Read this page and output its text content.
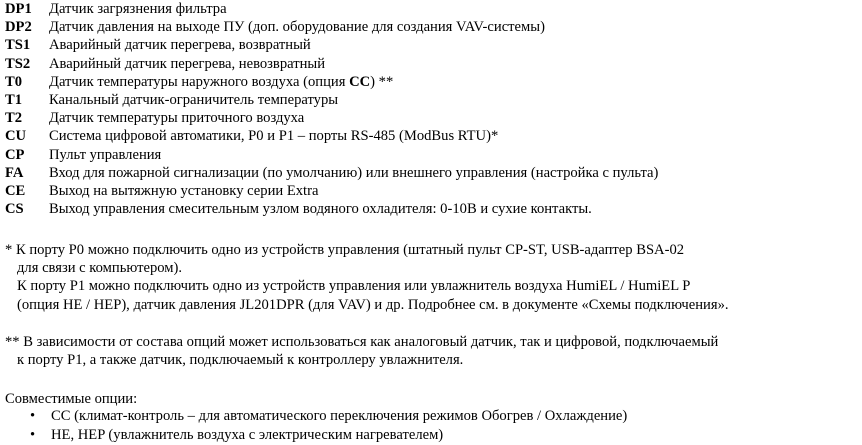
DP1 Датчик загрязнения фильтра
DP2 Датчик давления на выходе ПУ (доп. оборудование для создания VAV-системы)
TS1 Аварийный датчик перегрева, возвратный
TS2 Аварийный датчик перегрева, невозвратный
T0 Датчик температуры наружного воздуха (опция CC) **
T1 Канальный датчик-ограничитель температуры
T2 Датчик температуры приточного воздуха
CU Система цифровой автоматики, P0 и P1 – порты RS-485 (ModBus RTU)*
CP Пульт управления
FA Вход для пожарной сигнализации (по умолчанию) или внешнего управления (настройка с пульта)
CE Выход на вытяжную установку серии Extra
CS Выход управления смесительным узлом водяного охладителя: 0-10В и сухие контакты.
* К порту P0 можно подключить одно из устройств управления (штатный пульт CP-ST, USB-адаптер BSA-02
для связи с компьютером).
К порту P1 можно подключить одно из устройств управления или увлажнитель воздуха HumiEL / HumiEL P
(опция HE / HEP), датчик давления JL201DPR (для VAV) и др. Подробнее см. в документе «Схемы подключения».
** В зависимости от состава опций может использоваться как аналоговый датчик, так и цифровой, подключаемый
к порту P1, а также датчик, подключаемый к контроллеру увлажнителя.
Совместимые опции:
• CC (климат-контроль – для автоматического переключения режимов Обогрев / Охлаждение)
• HE, HEP (увлажнитель воздуха с электрическим нагревателем)
